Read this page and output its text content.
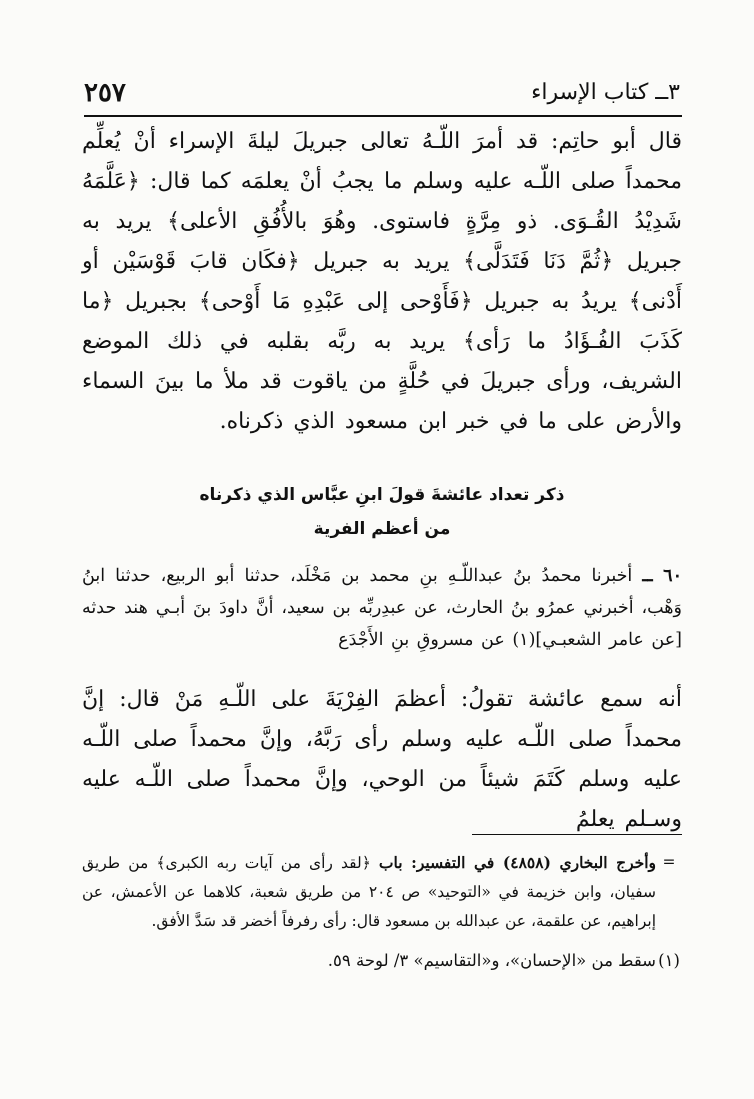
٢٥٧	٣ــ كتاب الإسراء
قال أبو حاتِم: قد أمرَ اللّـهُ تعالى جبريلَ ليلةَ الإسراء أنْ يُعلِّم محمداً صلى اللّـه عليه وسلم ما يجبُ أنْ يعلمَه كما قال: ﴿عَلَّمَهُ شَدِيْدُ القُـوَى. ذو مِرَّةٍ فاستوى. وهُوَ بالأُفُقِ الأعلى﴾ يريد به جبريل ﴿ثُمَّ دَنَا فَتَدَلَّى﴾ يريد به جبريل ﴿فكَان قابَ قَوْسَيْن أو أَدْنى﴾ يريدُ به جبريل ﴿فَأَوْحى إلى عَبْدِهِ مَا أَوْحى﴾ بجبريل ﴿ما كَذَبَ الفُـؤَادُ ما رَأى﴾ يريد به ربَّه بقلبه في ذلك الموضع الشريف، ورأى جبريلَ في حُلَّةٍ من ياقوت قد ملأ ما بينَ السماء والأرض على ما في خبر ابن مسعود الذي ذكرناه.
ذكر تعداد عائشةَ قولَ ابنِ عبَّاس الذي ذكرناه
من أعظم الفرية
٦٠ ــ أخبرنا محمدُ بنُ عبداللّـهِ بنِ محمد بن مَخْلَد، حدثنا أبو الربيع، حدثنا ابنُ وَهْب، أخبرني عمرُو بنُ الحارث، عن عبدِربِّه بن سعيد، أنَّ داودَ بنَ أبـي هند حدثه [عن عامر الشعبـي](١) عن مسروقِ بنِ الأَجْدَع
أنه سمع عائشة تقولُ: أعظمَ الفِرْيَةَ على اللّـهِ مَنْ قال: إنَّ محمداً صلى اللّـه عليه وسلم رأى رَبَّهُ، وإنَّ محمداً صلى اللّـه عليه وسلم كَتَمَ شيئاً من الوحي، وإنَّ محمداً صلى اللّـه عليه وسـلم يعلمُ
=
وأخرج البخاري (٤٨٥٨) في التفسير: باب ﴿لقد رأى من آيات ربه الكبرى﴾ من طريق سفيان، وابن خزيمة في «التوحيد» ص ٢٠٤ من طريق شعبة، كلاهما عن الأعمش، عن إبراهيم، عن علقمة، عن عبدالله بن مسعود قال: رأى رفرفاً أخضر قد سَدَّ الأفق.
(١)
سقط من «الإحسان»، و«التقاسيم» ٣/ لوحة ٥٩.
